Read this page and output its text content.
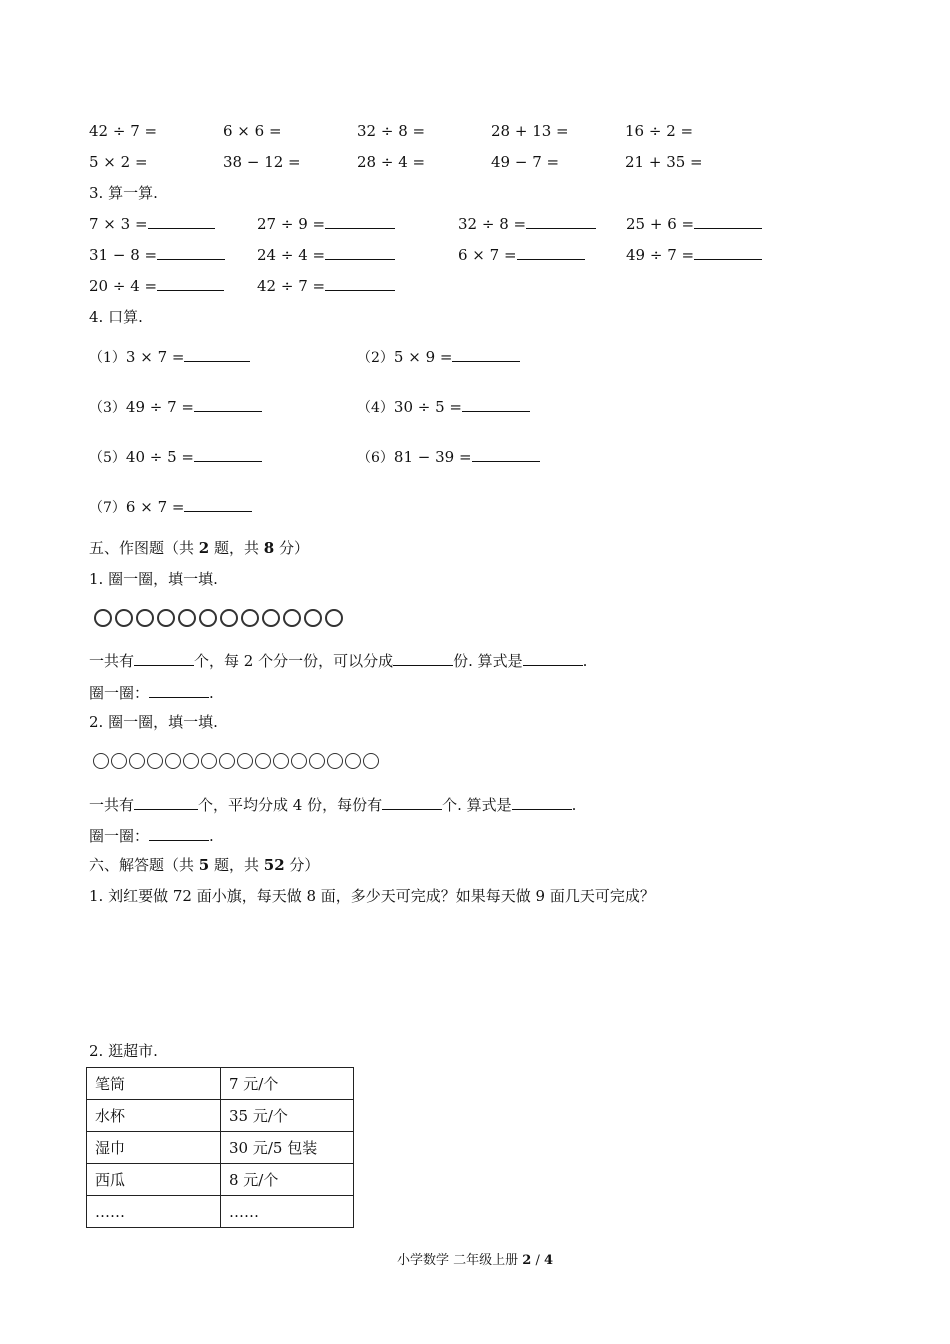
42 ÷ 7 =	6 × 6 =	32 ÷ 8 =	28 + 13 =	16 ÷ 2 =
5 × 2 =	38 − 12 =	28 ÷ 4 =	49 − 7 =	21 + 35 =
3. 算一算.
7 × 3 =	27 ÷ 9 =	32 ÷ 8 =	25 + 6 =
31 − 8 =	24 ÷ 4 =	6 × 7 =	49 ÷ 7 =
20 ÷ 4 =	42 ÷ 7 =
4. 口算.
（1）3 × 7 =	（2）5 × 9 =
（3）49 ÷ 7 =	（4）30 ÷ 5 =
（5）40 ÷ 5 =	（6）81 − 39 =
（7）6 × 7 =
五、作图题（共 2 题，共 8 分）
1. 圈一圈，填一填.
一共有	个，每 2 个分一份，可以分成	份. 算式是	.
圈一圈：	.
2. 圈一圈，填一填.
一共有	个，平均分成 4 份，每份有	个. 算式是	.
圈一圈：	.
六、解答题（共 5 题，共 52 分）
1. 刘红要做 72 面小旗，每天做 8 面，多少天可完成？如果每天做 9 面几天可完成？
2. 逛超市.
笔筒	7 元/个
水杯	35 元/个
湿巾	30 元/5 包装
西瓜	8 元/个
……	……
小学数学 二年级上册 2 / 4
